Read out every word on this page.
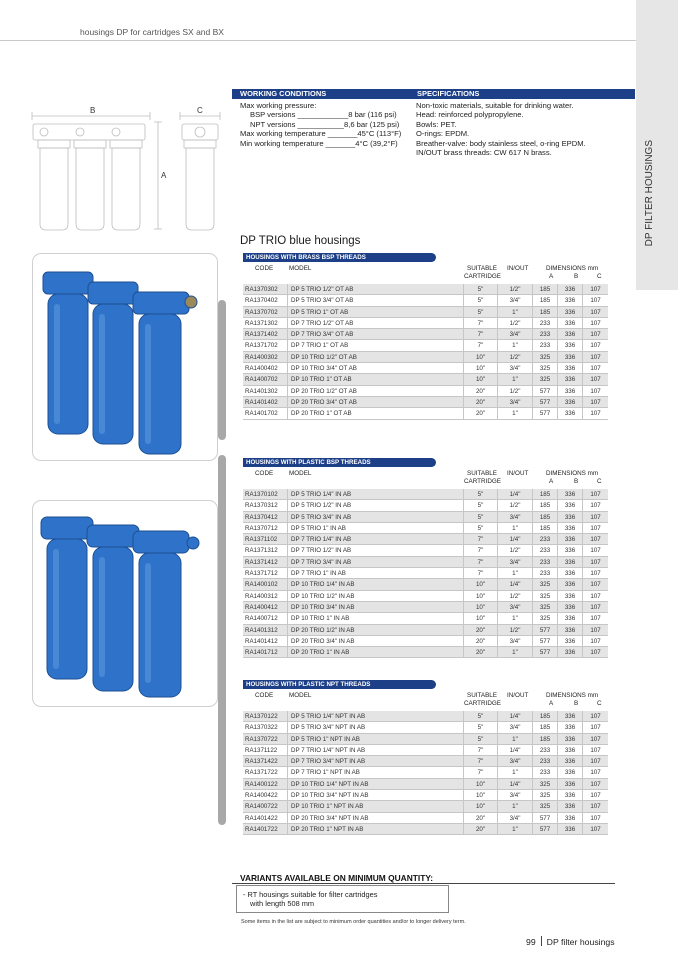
housings DP for cartridges SX and BX
DP FILTER HOUSINGS
WORKING CONDITIONS	SPECIFICATIONS
Max working pressure:
BSP versions ____________ 8 bar (116 psi)
NPT versions ___________ 8,6 bar (125 psi)
Max working temperature _______ 45°C (113°F)
Min working temperature _______ 4°C (39,2°F)
Non-toxic materials, suitable for drinking water.
Head: reinforced polypropylene.
Bowls: PET.
O-rings: EPDM.
Breather-valve: body stainless steel, o-ring EPDM.
IN/OUT brass threads: CW 617 N brass.
B	C
A
DP TRIO blue housings
HOUSINGS WITH BRASS BSP THREADS
CODE	MODEL	SUITABLE
CARTRIDGE
IN/OUT	DIMENSIONS mm
A	B	C
RA1370302	DP 5 TRIO 1/2" OT AB	5"	1/2"	185	336	107
RA1370402	DP 5 TRIO 3/4" OT AB	5"	3/4"	185	336	107
RA1370702	DP 5 TRIO 1" OT AB	5"	1"	185	336	107
RA1371302	DP 7 TRIO 1/2" OT AB	7"	1/2"	233	336	107
RA1371402	DP 7 TRIO 3/4" OT AB	7"	3/4"	233	336	107
RA1371702	DP 7 TRIO 1" OT AB	7"	1"	233	336	107
RA1400302	DP 10 TRIO 1/2" OT AB	10"	1/2"	325	336	107
RA1400402	DP 10 TRIO 3/4" OT AB	10"	3/4"	325	336	107
RA1400702	DP 10 TRIO 1" OT AB	10"	1"	325	336	107
RA1401302	DP 20 TRIO 1/2" OT AB	20"	1/2"	577	336	107
RA1401402	DP 20 TRIO 3/4" OT AB	20"	3/4"	577	336	107
RA1401702	DP 20 TRIO 1" OT AB	20"	1"	577	336	107
HOUSINGS WITH PLASTIC BSP THREADS
CODE	MODEL	SUITABLE
CARTRIDGE
IN/OUT	DIMENSIONS mm
A	B	C
RA1370102	DP 5 TRIO 1/4" IN AB	5"	1/4"	185	336	107
RA1370312	DP 5 TRIO 1/2" IN AB	5"	1/2"	185	336	107
RA1370412	DP 5 TRIO 3/4" IN AB	5"	3/4"	185	336	107
RA1370712	DP 5 TRIO 1" IN AB	5"	1"	185	336	107
RA1371102	DP 7 TRIO 1/4" IN AB	7"	1/4"	233	336	107
RA1371312	DP 7 TRIO 1/2" IN AB	7"	1/2"	233	336	107
RA1371412	DP 7 TRIO 3/4" IN AB	7"	3/4"	233	336	107
RA1371712	DP 7 TRIO 1" IN AB	7"	1"	233	336	107
RA1400102	DP 10 TRIO 1/4" IN AB	10"	1/4"	325	336	107
RA1400312	DP 10 TRIO 1/2" IN AB	10"	1/2"	325	336	107
RA1400412	DP 10 TRIO 3/4" IN AB	10"	3/4"	325	336	107
RA1400712	DP 10 TRIO 1" IN AB	10"	1"	325	336	107
RA1401312	DP 20 TRIO 1/2" IN AB	20"	1/2"	577	336	107
RA1401412	DP 20 TRIO 3/4" IN AB	20"	3/4"	577	336	107
RA1401712	DP 20 TRIO 1" IN AB	20"	1"	577	336	107
HOUSINGS WITH PLASTIC NPT THREADS
CODE	MODEL	SUITABLE
CARTRIDGE
IN/OUT	DIMENSIONS mm
A	B	C
RA1370122	DP 5 TRIO 1/4" NPT IN AB	5"	1/4"	185	336	107
RA1370322	DP 5 TRIO 3/4" NPT IN AB	5"	3/4"	185	336	107
RA1370722	DP 5 TRIO 1" NPT IN AB	5"	1"	185	336	107
RA1371122	DP 7 TRIO 1/4" NPT IN AB	7"	1/4"	233	336	107
RA1371422	DP 7 TRIO 3/4" NPT IN AB	7"	3/4"	233	336	107
RA1371722	DP 7 TRIO 1" NPT IN AB	7"	1"	233	336	107
RA1400122	DP 10 TRIO 1/4" NPT IN AB	10"	1/4"	325	336	107
RA1400422	DP 10 TRIO 3/4" NPT IN AB	10"	3/4"	325	336	107
RA1400722	DP 10 TRIO 1" NPT IN AB	10"	1"	325	336	107
RA1401422	DP 20 TRIO 3/4" NPT IN AB	20"	3/4"	577	336	107
RA1401722	DP 20 TRIO 1" NPT IN AB	20"	1"	577	336	107
VARIANTS AVAILABLE ON MINIMUM QUANTITY:
- RT housings suitable for filter cartridges
with length 508 mm
Some items in the list are subject to minimum order quantities and/or to longer delivery term.
99 DP filter housings
